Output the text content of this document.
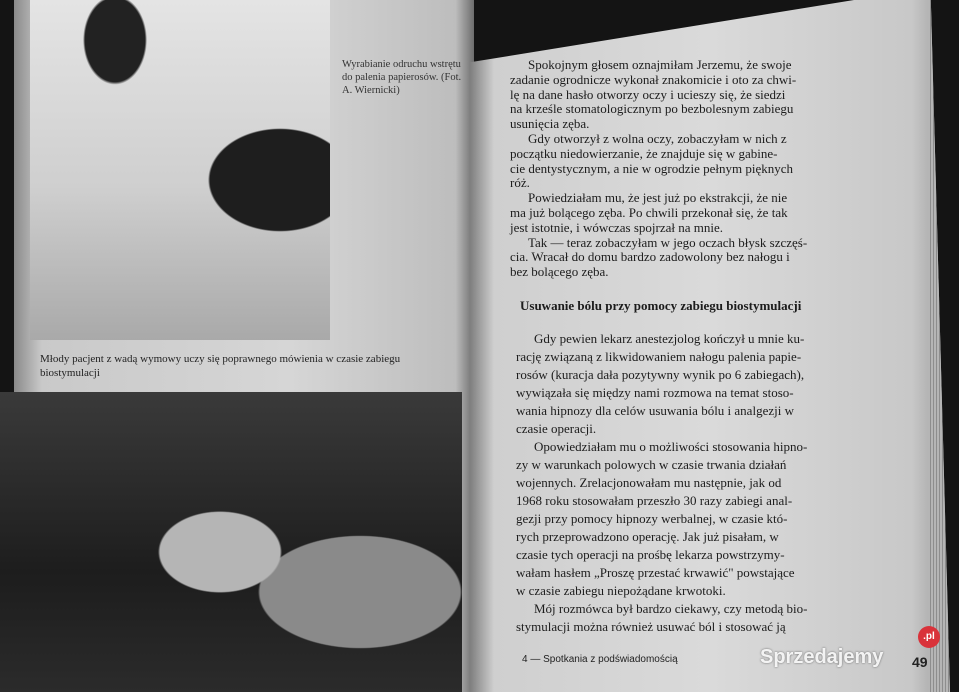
Wyrabianie odruchu wstrętu do palenia papierosów. (Fot. A. Wiernicki)
Młody pacjent z wadą wymowy uczy się poprawnego mówienia w czasie zabiegu biostymulacji
Spokojnym głosem oznajmiłam Jerzemu, że swoje
zadanie ogrodnicze wykonał znakomicie i oto za chwi-
lę na dane hasło otworzy oczy i ucieszy się, że siedzi
na krześle stomatologicznym po bezbolesnym zabiegu
usunięcia zęba.
Gdy otworzył z wolna oczy, zobaczyłam w nich z
początku niedowierzanie, że znajduje się w gabine-
cie dentystycznym, a nie w ogrodzie pełnym pięknych
róż.
Powiedziałam mu, że jest już po ekstrakcji, że nie
ma już bolącego zęba. Po chwili przekonał się, że tak
jest istotnie, i wówczas spojrzał na mnie.
Tak — teraz zobaczyłam w jego oczach błysk szczęś-
cia. Wracał do domu bardzo zadowolony bez nałogu i
bez bolącego zęba.
Usuwanie bólu przy pomocy zabiegu biostymulacji
Gdy pewien lekarz anestezjolog kończył u mnie ku-
rację związaną z likwidowaniem nałogu palenia papie-
rosów (kuracja dała pozytywny wynik po 6 zabiegach),
wywiązała się między nami rozmowa na temat stoso-
wania hipnozy dla celów usuwania bólu i analgezji w
czasie operacji.
Opowiedziałam mu o możliwości stosowania hipno-
zy w warunkach polowych w czasie trwania działań
wojennych. Zrelacjonowałam mu następnie, jak od
1968 roku stosowałam przeszło 30 razy zabiegi anal-
gezji przy pomocy hipnozy werbalnej, w czasie któ-
rych przeprowadzono operację. Jak już pisałam, w
czasie tych operacji na prośbę lekarza powstrzymy-
wałam hasłem „Proszę przestać krwawić" powstające
w czasie zabiegu niepożądane krwotoki.
Mój rozmówca był bardzo ciekawy, czy metodą bio-
stymulacji można również usuwać ból i stosować ją
4 — Spotkania z podświadomością	Sprzedajemy
.pl
49
